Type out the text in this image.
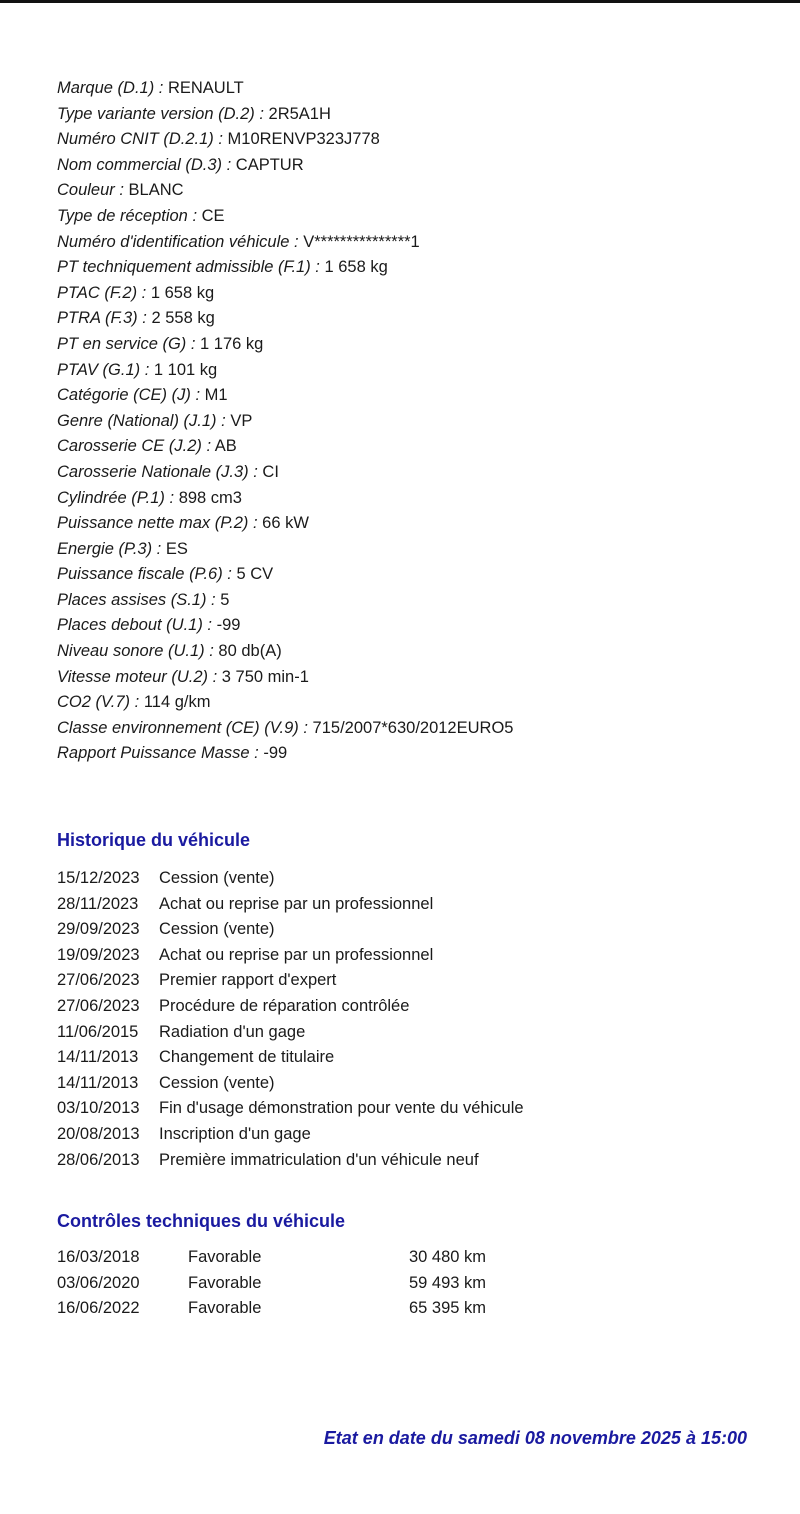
Marque (D.1) : RENAULT
Type variante version (D.2) : 2R5A1H
Numéro CNIT (D.2.1) : M10RENVP323J778
Nom commercial (D.3) : CAPTUR
Couleur : BLANC
Type de réception : CE
Numéro d'identification véhicule : V***************1
PT techniquement admissible (F.1) : 1 658 kg
PTAC (F.2) : 1 658 kg
PTRA (F.3) : 2 558 kg
PT en service (G) : 1 176 kg
PTAV (G.1) : 1 101 kg
Catégorie (CE) (J) : M1
Genre (National) (J.1) : VP
Carosserie CE (J.2) : AB
Carosserie Nationale (J.3) : CI
Cylindrée (P.1) : 898 cm3
Puissance nette max (P.2) : 66 kW
Energie (P.3) : ES
Puissance fiscale (P.6) : 5 CV
Places assises (S.1) : 5
Places debout (U.1) : -99
Niveau sonore (U.1) : 80 db(A)
Vitesse moteur (U.2) : 3 750 min-1
CO2 (V.7) : 114 g/km
Classe environnement (CE) (V.9) : 715/2007*630/2012EURO5
Rapport Puissance Masse : -99
Historique du véhicule
15/12/2023	Cession (vente)
28/11/2023	Achat ou reprise par un professionnel
29/09/2023	Cession (vente)
19/09/2023	Achat ou reprise par un professionnel
27/06/2023	Premier rapport d'expert
27/06/2023	Procédure de réparation contrôlée
11/06/2015	Radiation d'un gage
14/11/2013	Changement de titulaire
14/11/2013	Cession (vente)
03/10/2013	Fin d'usage démonstration pour vente du véhicule
20/08/2013	Inscription d'un gage
28/06/2013	Première immatriculation d'un véhicule neuf
Contrôles techniques du véhicule
16/03/2018	Favorable	30 480 km
03/06/2020	Favorable	59 493 km
16/06/2022	Favorable	65 395 km
Etat en date du samedi 08 novembre 2025 à 15:00
